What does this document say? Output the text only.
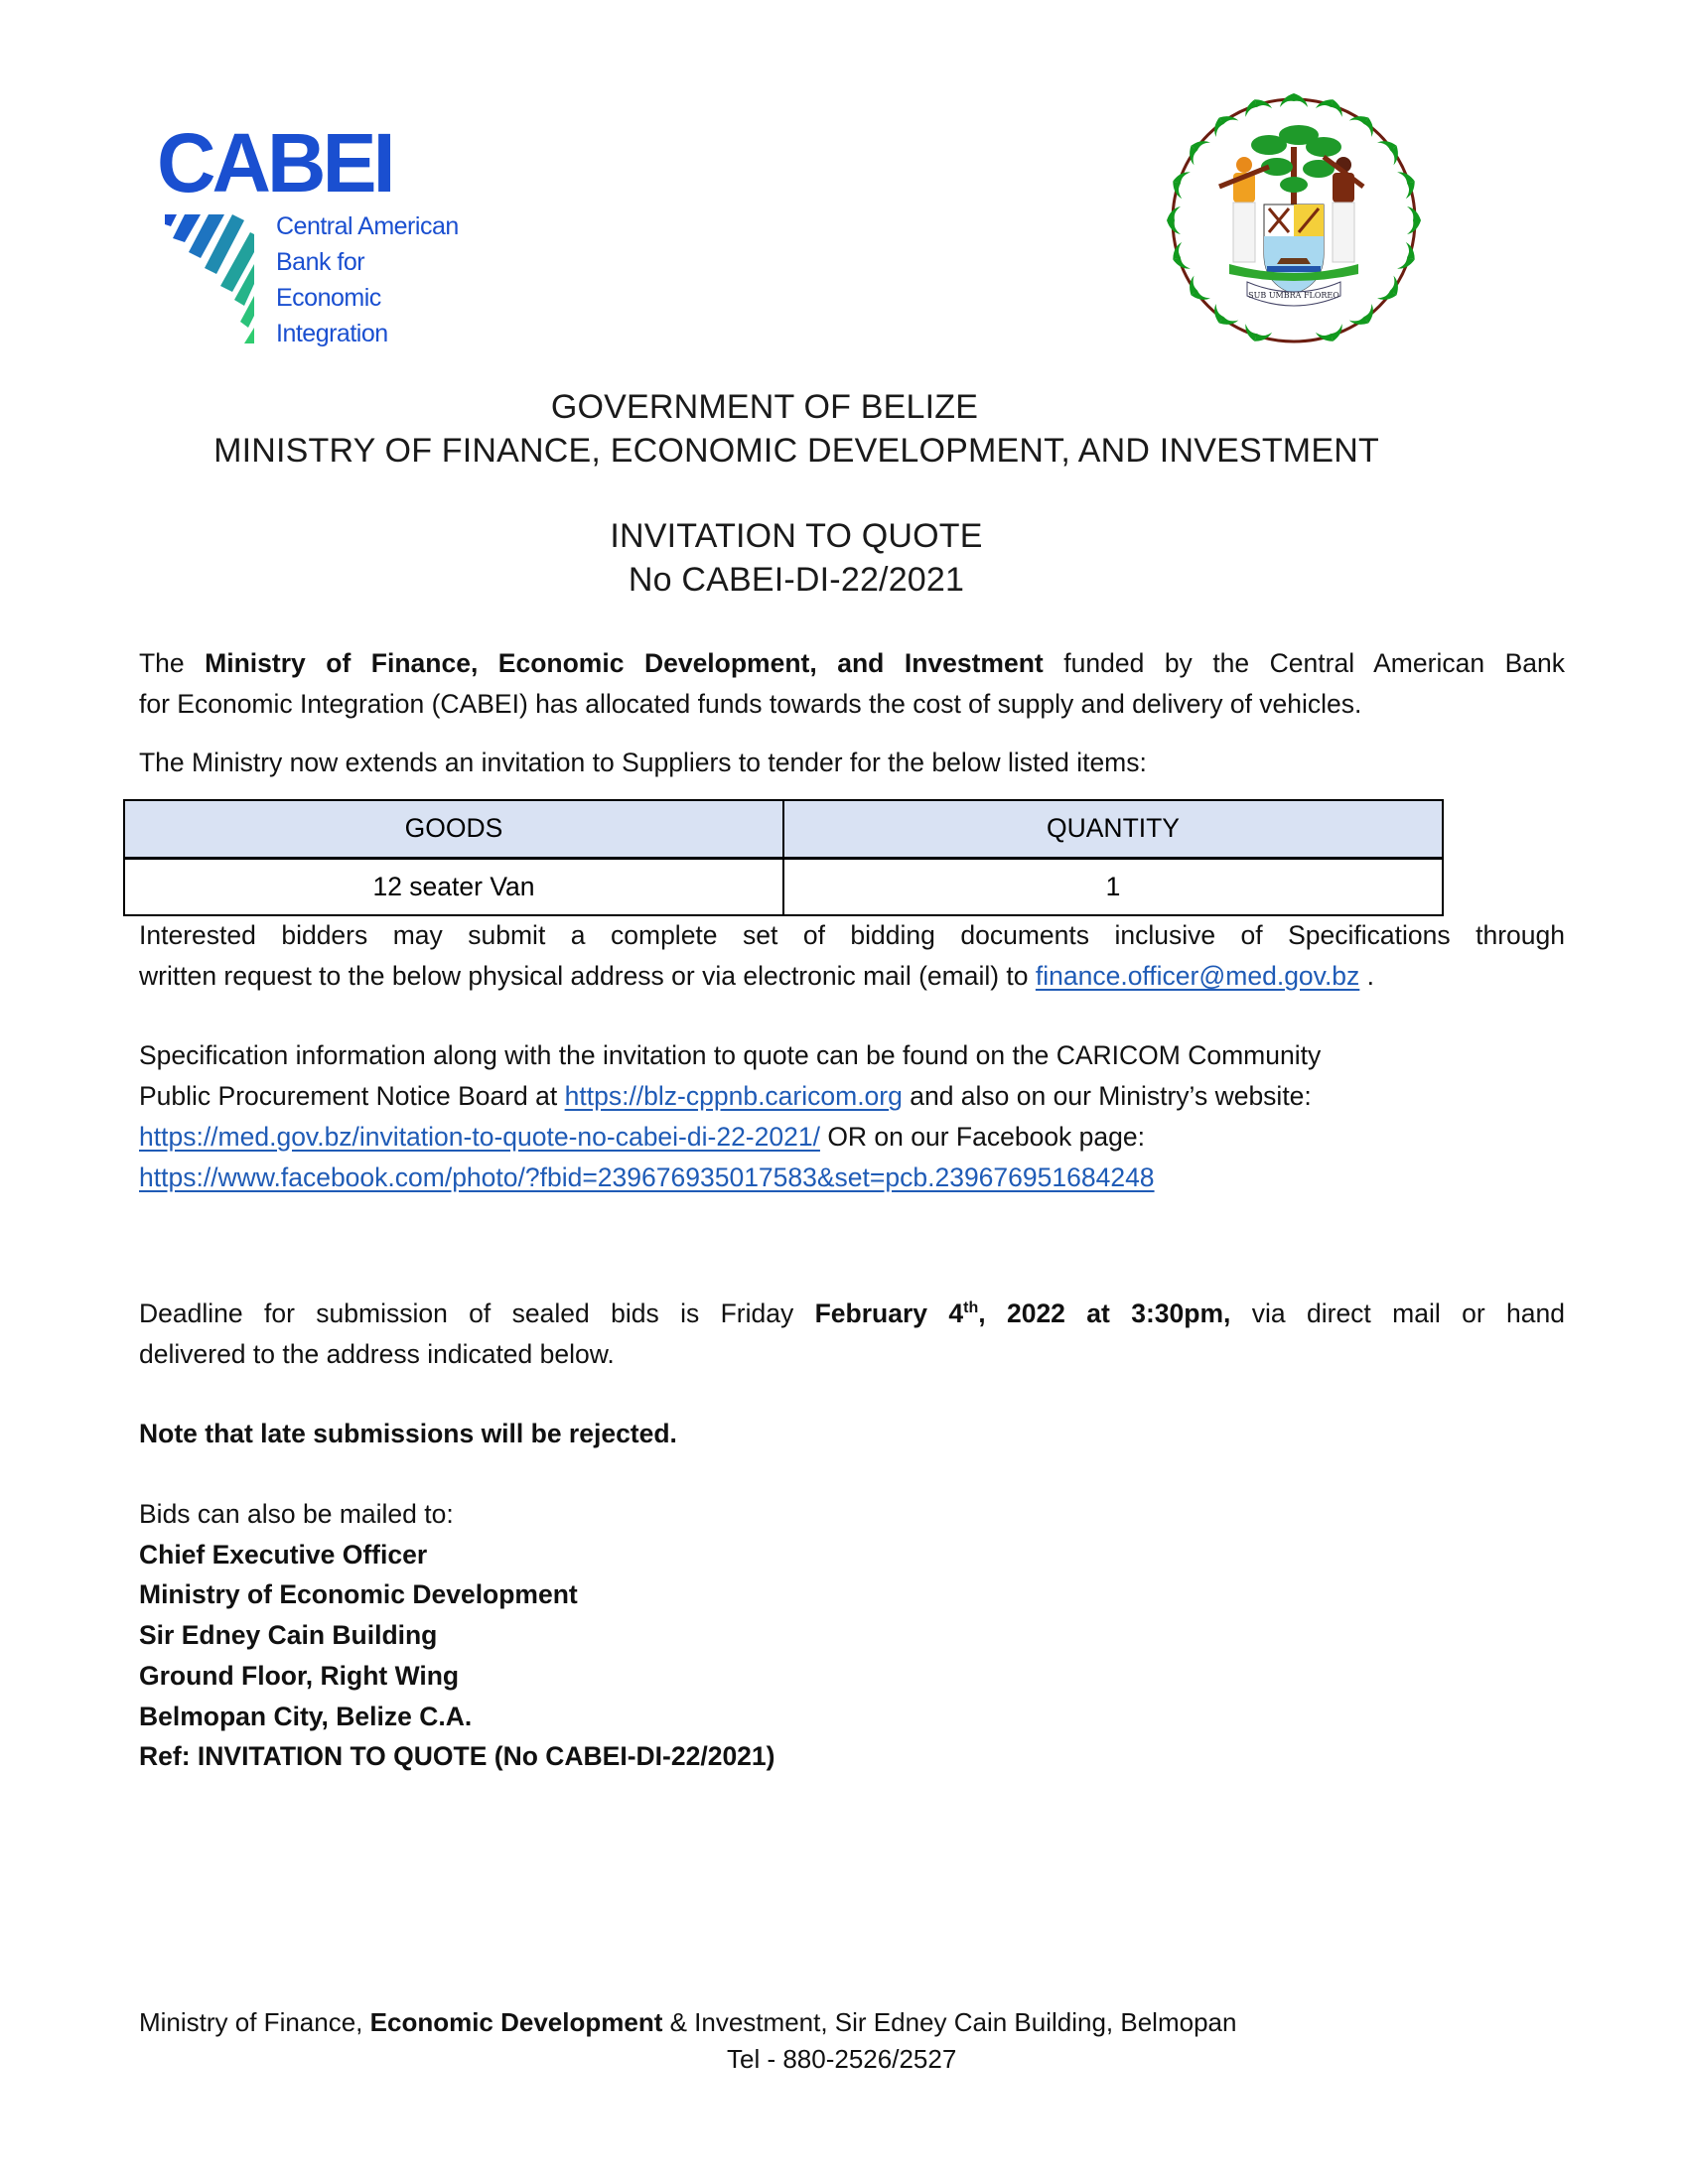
CABEI
Central American
Bank for
Economic
Integration
SUB UMBRA FLOREO
GOVERNMENT OF BELIZE
MINISTRY OF FINANCE, ECONOMIC DEVELOPMENT, AND INVESTMENT
INVITATION TO QUOTE
No CABEI-DI-22/2021
The Ministry of Finance, Economic Development, and Investment funded by the Central American Bank
for Economic Integration (CABEI) has allocated funds towards the cost of supply and delivery of vehicles.
The Ministry now extends an invitation to Suppliers to tender for the below listed items:
GOODS	QUANTITY
12 seater Van	1
Interested bidders may submit a complete set of bidding documents inclusive of Specifications through
written request to the below physical address or via electronic mail (email) to finance.officer@med.gov.bz .
Specification information along with the invitation to quote can be found on the CARICOM Community
Public Procurement Notice Board at https://blz-cppnb.caricom.org and also on our Ministry’s website:
https://med.gov.bz/invitation-to-quote-no-cabei-di-22-2021/ OR on our Facebook page:
https://www.facebook.com/photo/?fbid=239676935017583&set=pcb.239676951684248
Deadline for submission of sealed bids is Friday February 4th, 2022 at 3:30pm, via direct mail or hand
delivered to the address indicated below.
Note that late submissions will be rejected.
Bids can also be mailed to:
Chief Executive Officer
Ministry of Economic Development
Sir Edney Cain Building
Ground Floor, Right Wing
Belmopan City, Belize C.A.
Ref: INVITATION TO QUOTE (No CABEI-DI-22/2021)
Ministry of Finance, Economic Development & Investment, Sir Edney Cain Building, Belmopan
Tel - 880-2526/2527
